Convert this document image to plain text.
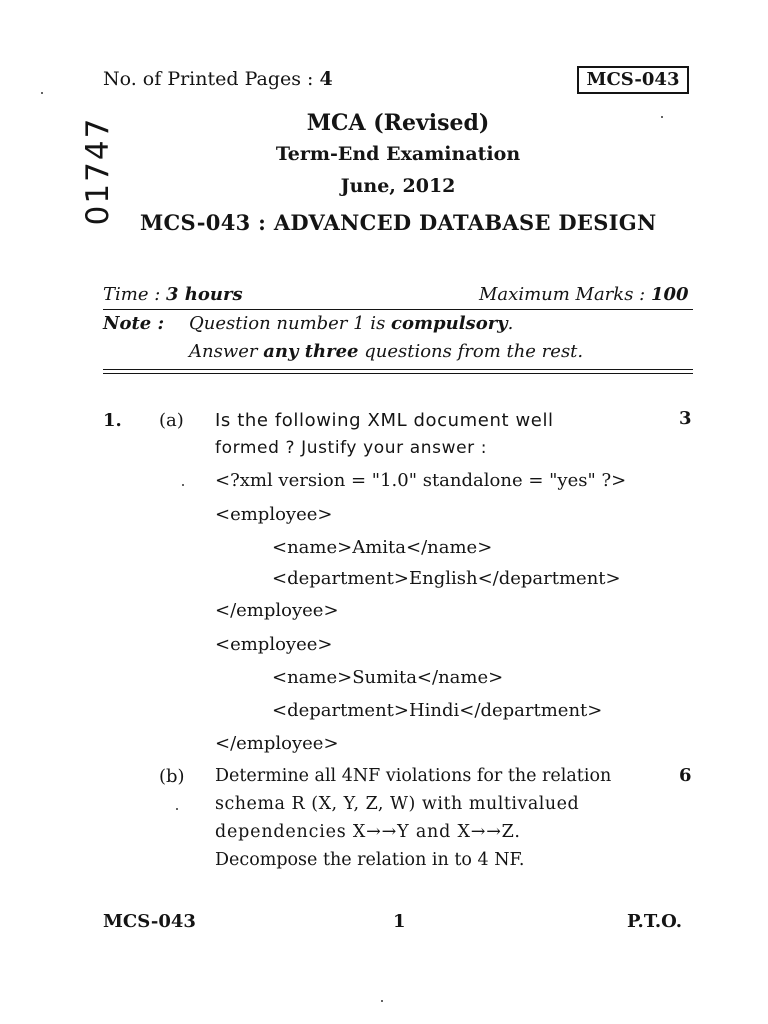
No. of Printed Pages : 4	MCS-043
01747	MCA (Revised)
Term-End Examination
June, 2012
MCS-043 : ADVANCED DATABASE DESIGN
Time : 3 hours	Maximum Marks : 100
Note : Question number 1 is compulsory.
Answer any three questions from the rest.
1. (a) Is the following XML document well	3
formed ? Justify your answer :
<?xml version = "1.0" standalone = "yes" ?>
<employee>
<name>Amita</name>
<department>English</department>
</employee>
<employee>
<name>Sumita</name>
<department>Hindi</department>
</employee>
(b)	6
Determine all 4NF violations for the relation
schema R (X, Y, Z, W) with multivalued
dependencies X→→Y and X→→Z.
Decompose the relation in to 4 NF.
MCS-043	1	P.T.O.
